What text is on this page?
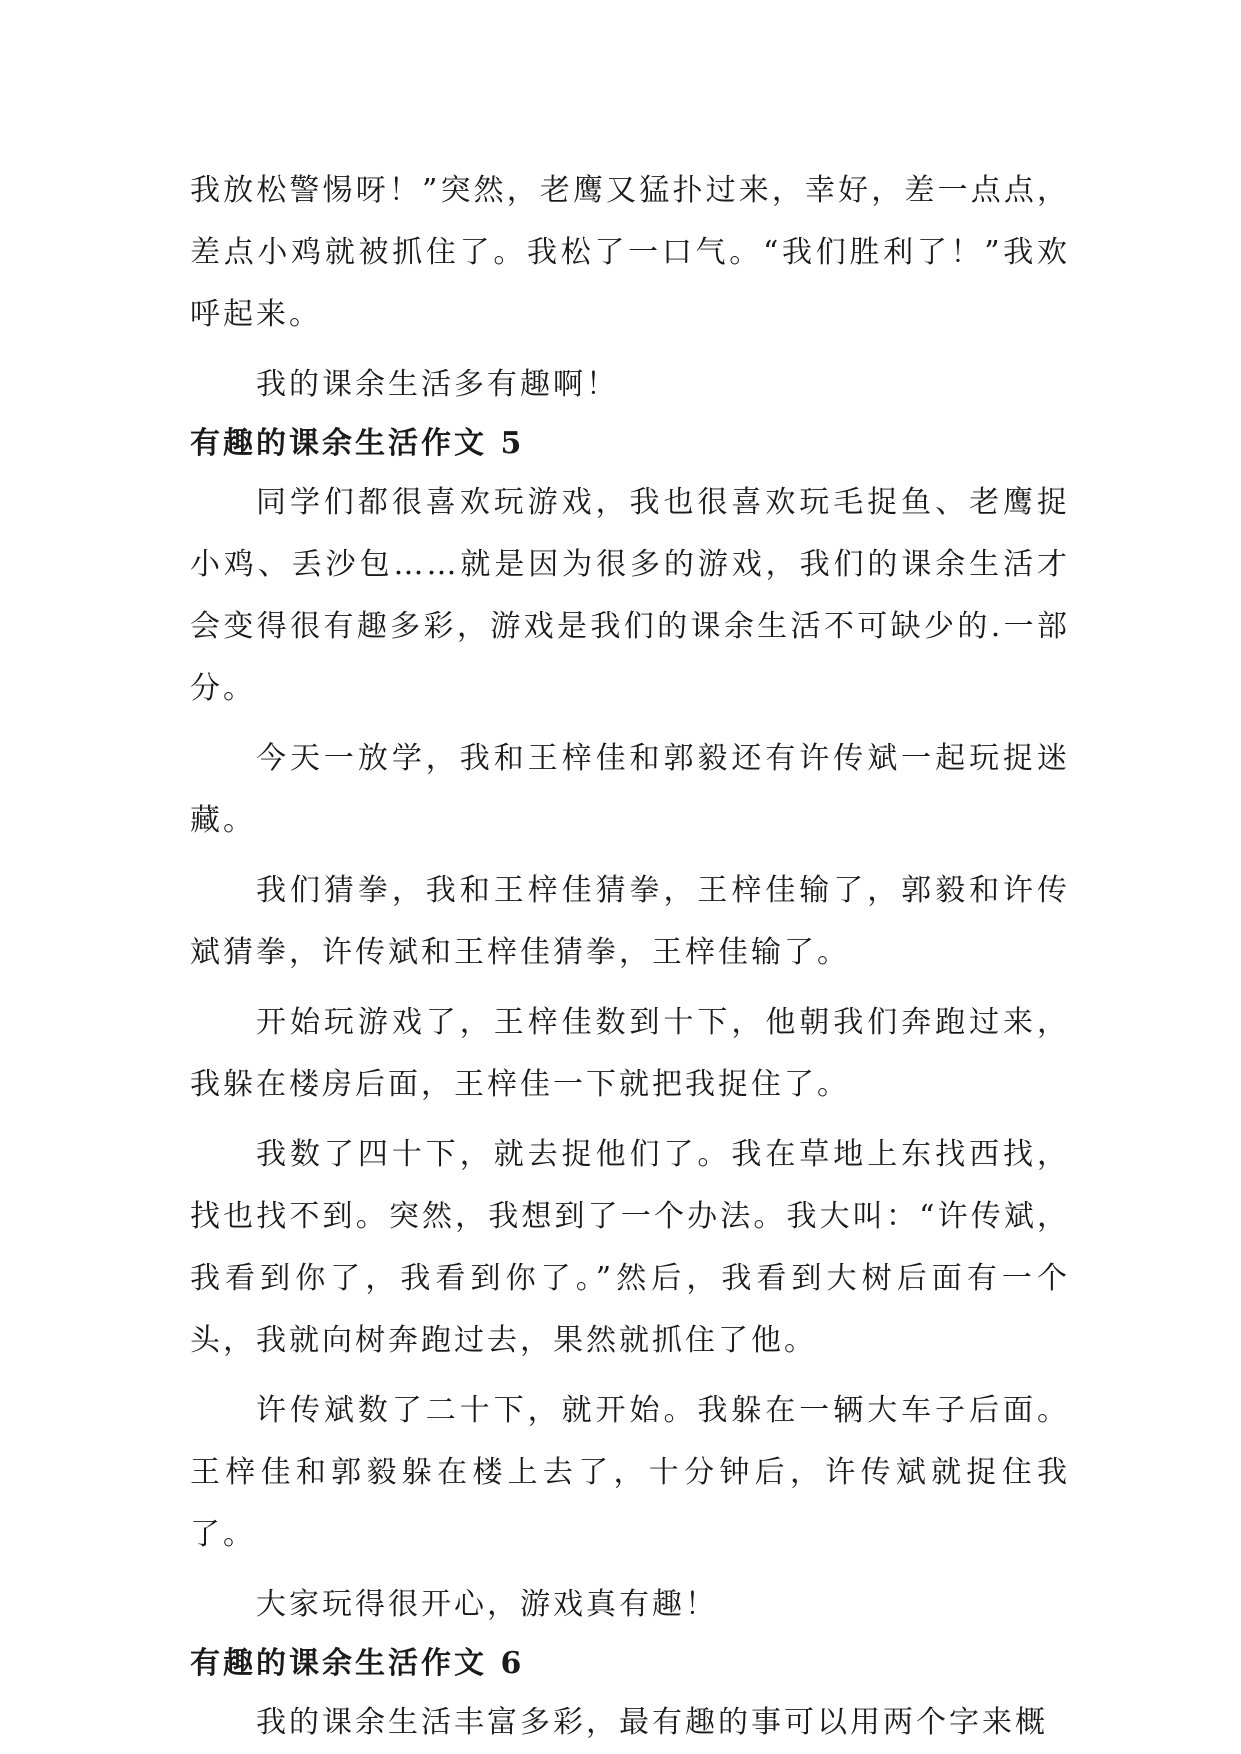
我放松警惕呀！”突然，老鹰又猛扑过来，幸好，差一点点，差点小鸡就被抓住了。我松了一口气。“我们胜利了！”我欢呼起来。

我的课余生活多有趣啊！

有趣的课余生活作文 5

同学们都很喜欢玩游戏，我也很喜欢玩毛捉鱼、老鹰捉小鸡、丢沙包……就是因为很多的游戏，我们的课余生活才会变得很有趣多彩，游戏是我们的课余生活不可缺少的.一部分。

今天一放学，我和王梓佳和郭毅还有许传斌一起玩捉迷藏。

我们猜拳，我和王梓佳猜拳，王梓佳输了，郭毅和许传斌猜拳，许传斌和王梓佳猜拳，王梓佳输了。

开始玩游戏了，王梓佳数到十下，他朝我们奔跑过来，我躲在楼房后面，王梓佳一下就把我捉住了。

我数了四十下，就去捉他们了。我在草地上东找西找，找也找不到。突然，我想到了一个办法。我大叫：“许传斌，我看到你了，我看到你了。”然后，我看到大树后面有一个头，我就向树奔跑过去，果然就抓住了他。

许传斌数了二十下，就开始。我躲在一辆大车子后面。王梓佳和郭毅躲在楼上去了，十分钟后，许传斌就捉住我了。

大家玩得很开心，游戏真有趣！

有趣的课余生活作文 6

我的课余生活丰富多彩，最有趣的事可以用两个字来概
